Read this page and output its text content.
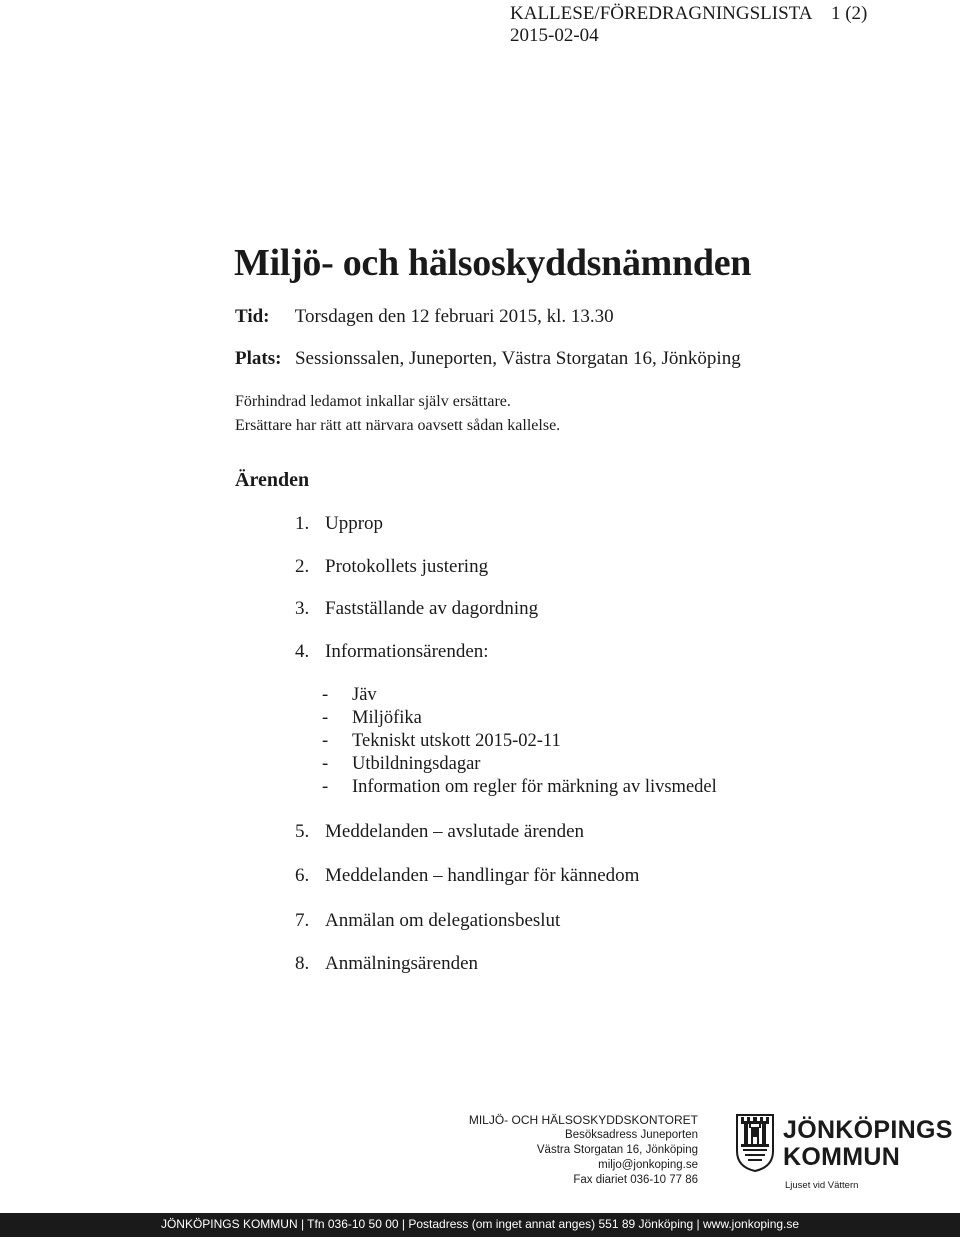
KALLESE/FÖREDRAGNINGSLISTA 1 (2)
2015-02-04
Miljö- och hälsoskyddsnämnden
Tid: Torsdagen den 12 februari 2015, kl. 13.30
Plats: Sessionssalen, Juneporten, Västra Storgatan 16, Jönköping
Förhindrad ledamot inkallar själv ersättare.
Ersättare har rätt att närvara oavsett sådan kallelse.
Ärenden
1. Upprop
2. Protokollets justering
3. Fastställande av dagordning
4. Informationsärenden:
-	Jäv
-	Miljöfika
-	Tekniskt utskott 2015-02-11
-	Utbildningsdagar
-	Information om regler för märkning av livsmedel
5. Meddelanden – avslutade ärenden
6. Meddelanden – handlingar för kännedom
7. Anmälan om delegationsbeslut
8. Anmälningsärenden
MILJÖ- OCH HÄLSOSKYDDSKONTORET
Besöksadress Juneporten
Västra Storgatan 16, Jönköping
miljo@jonkoping.se
Fax diariet 036-10 77 86
JÖNKÖPINGS
KOMMUN
Ljuset vid Vättern
JÖNKÖPINGS KOMMUN | Tfn 036-10 50 00 | Postadress (om inget annat anges) 551 89 Jönköping | www.jonkoping.se
